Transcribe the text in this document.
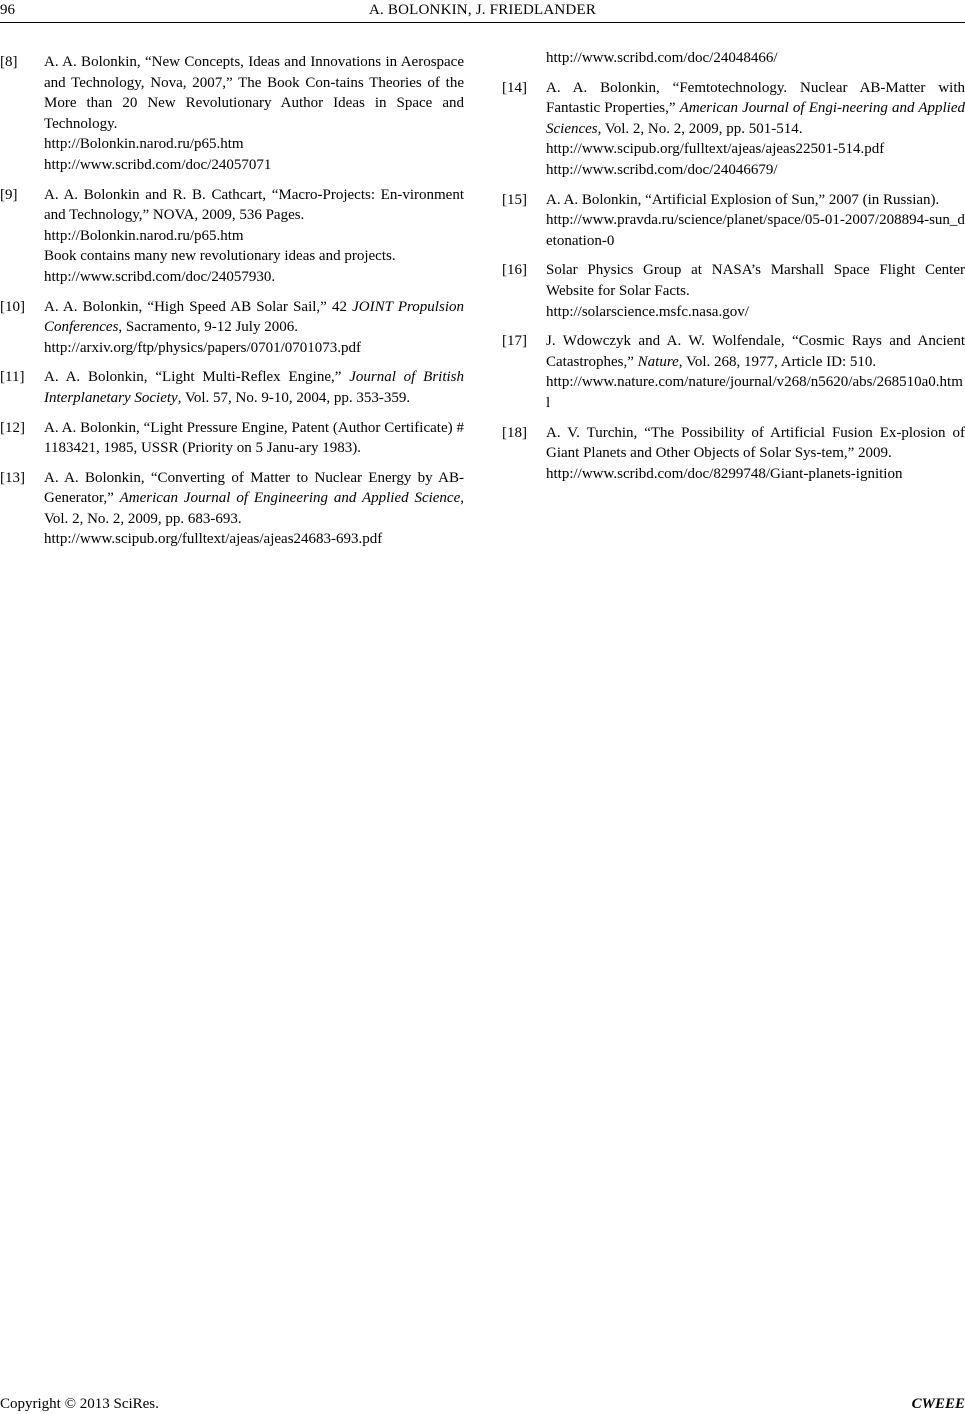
96	A. BOLONKIN, J. FRIEDLANDER
[8] A. A. Bolonkin, “New Concepts, Ideas and Innovations in Aerospace and Technology, Nova, 2007,” The Book Con-tains Theories of the More than 20 New Revolutionary Author Ideas in Space and Technology.
http://Bolonkin.narod.ru/p65.htm
http://www.scribd.com/doc/24057071
[9] A. A. Bolonkin and R. B. Cathcart, “Macro-Projects: En-vironment and Technology,” NOVA, 2009, 536 Pages.
http://Bolonkin.narod.ru/p65.htm
Book contains many new revolutionary ideas and projects.
http://www.scribd.com/doc/24057930.
[10] A. A. Bolonkin, “High Speed AB Solar Sail,” 42 JOINT Propulsion Conferences, Sacramento, 9-12 July 2006.
http://arxiv.org/ftp/physics/papers/0701/0701073.pdf
[11] A. A. Bolonkin, “Light Multi-Reflex Engine,” Journal of British Interplanetary Society, Vol. 57, No. 9-10, 2004, pp. 353-359.
[12] A. A. Bolonkin, “Light Pressure Engine, Patent (Author Certificate) # 1183421, 1985, USSR (Priority on 5 Janu-ary 1983).
[13] A. A. Bolonkin, “Converting of Matter to Nuclear Energy by AB-Generator,” American Journal of Engineering and Applied Science, Vol. 2, No. 2, 2009, pp. 683-693.
http://www.scipub.org/fulltext/ajeas/ajeas24683-693.pdf
http://www.scribd.com/doc/24048466/
[14] A. A. Bolonkin, “Femtotechnology. Nuclear AB-Matter with Fantastic Properties,” American Journal of Engi-neering and Applied Sciences, Vol. 2, No. 2, 2009, pp. 501-514.
http://www.scipub.org/fulltext/ajeas/ajeas22501-514.pdf
http://www.scribd.com/doc/24046679/
[15] A. A. Bolonkin, “Artificial Explosion of Sun,” 2007 (in Russian).
http://www.pravda.ru/science/planet/space/05-01-2007/208894-sun_detonation-0
[16] Solar Physics Group at NASA’s Marshall Space Flight Center Website for Solar Facts.
http://solarscience.msfc.nasa.gov/
[17] J. Wdowczyk and A. W. Wolfendale, “Cosmic Rays and Ancient Catastrophes,” Nature, Vol. 268, 1977, Article ID: 510.
http://www.nature.com/nature/journal/v268/n5620/abs/268510a0.html
[18] A. V. Turchin, “The Possibility of Artificial Fusion Ex-plosion of Giant Planets and Other Objects of Solar Sys-tem,” 2009.
http://www.scribd.com/doc/8299748/Giant-planets-ignition
Copyright © 2013 SciRes.	CWEEE
